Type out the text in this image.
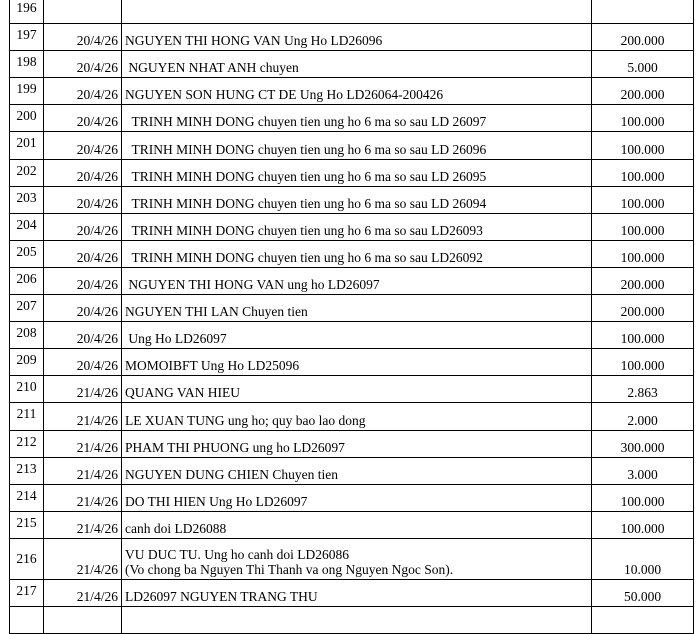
196			
197	20/4/26	NGUYEN THI HONG VAN Ung Ho LD26096	200.000
198	20/4/26	NGUYEN NHAT ANH chuyen	5.000
199	20/4/26	NGUYEN SON HUNG CT DE Ung Ho LD26064-200426	200.000
200	20/4/26	TRINH MINH DONG chuyen tien ung ho 6 ma so sau LD 26097	100.000
201	20/4/26	TRINH MINH DONG chuyen tien ung ho 6 ma so sau LD 26096	100.000
202	20/4/26	TRINH MINH DONG chuyen tien ung ho 6 ma so sau LD 26095	100.000
203	20/4/26	TRINH MINH DONG chuyen tien ung ho 6 ma so sau LD 26094	100.000
204	20/4/26	TRINH MINH DONG chuyen tien ung ho 6 ma so sau LD26093	100.000
205	20/4/26	TRINH MINH DONG chuyen tien ung ho 6 ma so sau LD26092	100.000
206	20/4/26	NGUYEN THI HONG VAN ung ho LD26097	200.000
207	20/4/26	NGUYEN THI LAN Chuyen tien	200.000
208	20/4/26	Ung Ho LD26097	100.000
209	20/4/26	MOMOIBFT Ung Ho LD25096	100.000
210	21/4/26	QUANG VAN HIEU	2.863
211	21/4/26	LE XUAN TUNG ung ho; quy bao lao dong	2.000
212	21/4/26	PHAM THI PHUONG ung ho LD26097	300.000
213	21/4/26	NGUYEN DUNG CHIEN Chuyen tien	3.000
214	21/4/26	DO THI HIEN Ung Ho LD26097	100.000
215	21/4/26	canh doi LD26088	100.000
216	21/4/26	VU DUC TU. Ung ho canh doi LD26086
(Vo chong ba Nguyen Thi Thanh va ong Nguyen Ngoc Son).	10.000
217	21/4/26	LD26097 NGUYEN TRANG THU	50.000
